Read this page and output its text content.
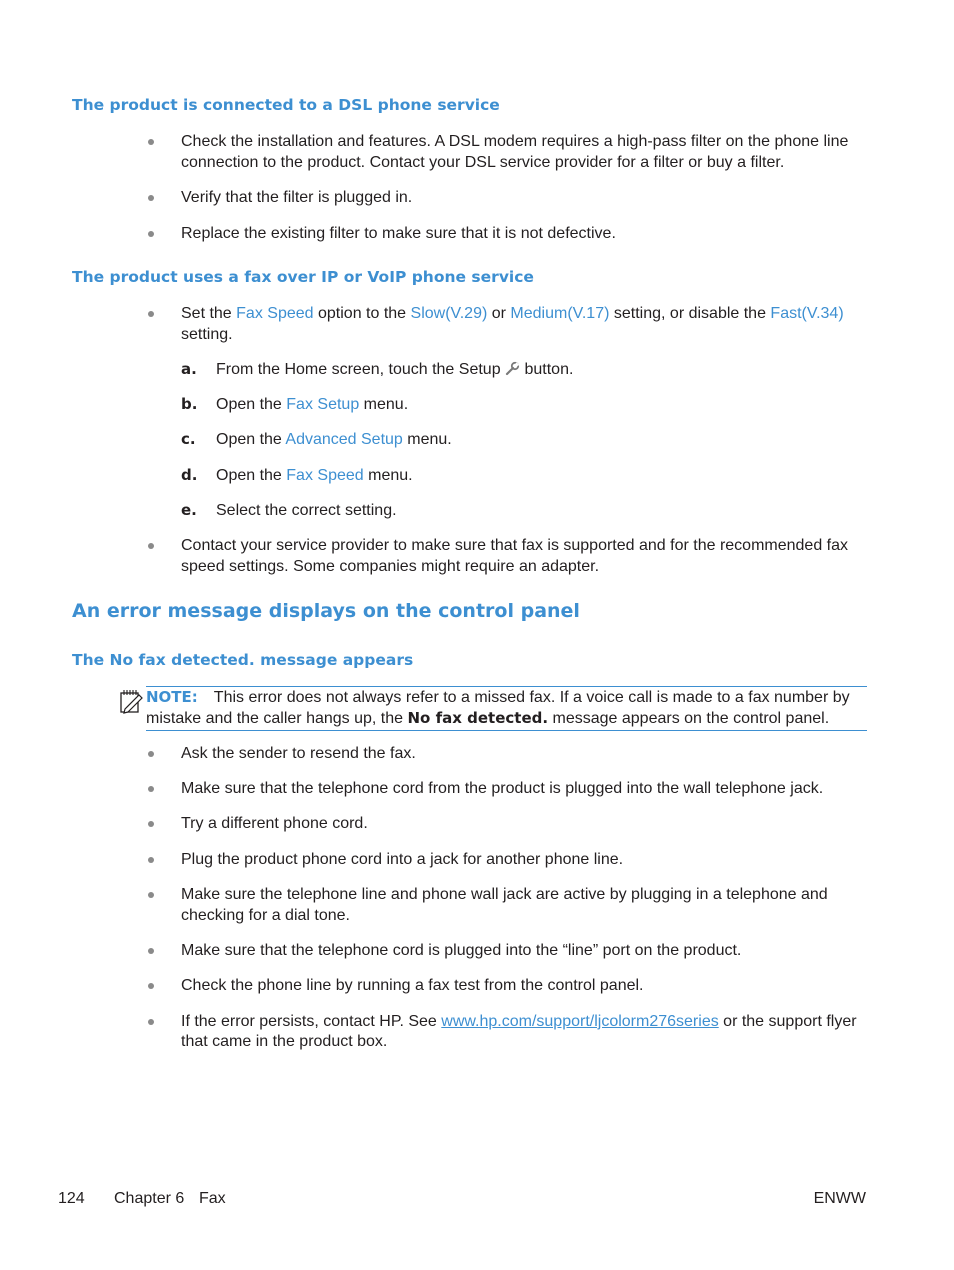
The product is connected to a DSL phone service
Check the installation and features. A DSL modem requires a high-pass filter on the phone line
connection to the product. Contact your DSL service provider for a filter or buy a filter.
Verify that the filter is plugged in.
Replace the existing filter to make sure that it is not defective.
The product uses a fax over IP or VoIP phone service
Set the Fax Speed option to the Slow(V.29) or Medium(V.17) setting, or disable the Fast(V.34)
setting.
a. From the Home screen, touch the Setup  button.
b. Open the Fax Setup menu.
c. Open the Advanced Setup menu.
d. Open the Fax Speed menu.
e. Select the correct setting.
Contact your service provider to make sure that fax is supported and for the recommended fax
speed settings. Some companies might require an adapter.
An error message displays on the control panel
The No fax detected. message appears
NOTE: This error does not always refer to a missed fax. If a voice call is made to a fax number by
mistake and the caller hangs up, the No fax detected. message appears on the control panel.
Ask the sender to resend the fax.
Make sure that the telephone cord from the product is plugged into the wall telephone jack.
Try a different phone cord.
Plug the product phone cord into a jack for another phone line.
Make sure the telephone line and phone wall jack are active by plugging in a telephone and
checking for a dial tone.
Make sure that the telephone cord is plugged into the “line” port on the product.
Check the phone line by running a fax test from the control panel.
If the error persists, contact HP. See www.hp.com/support/ljcolorm276series or the support flyer
that came in the product box.
124 Chapter 6 Fax	ENWW
